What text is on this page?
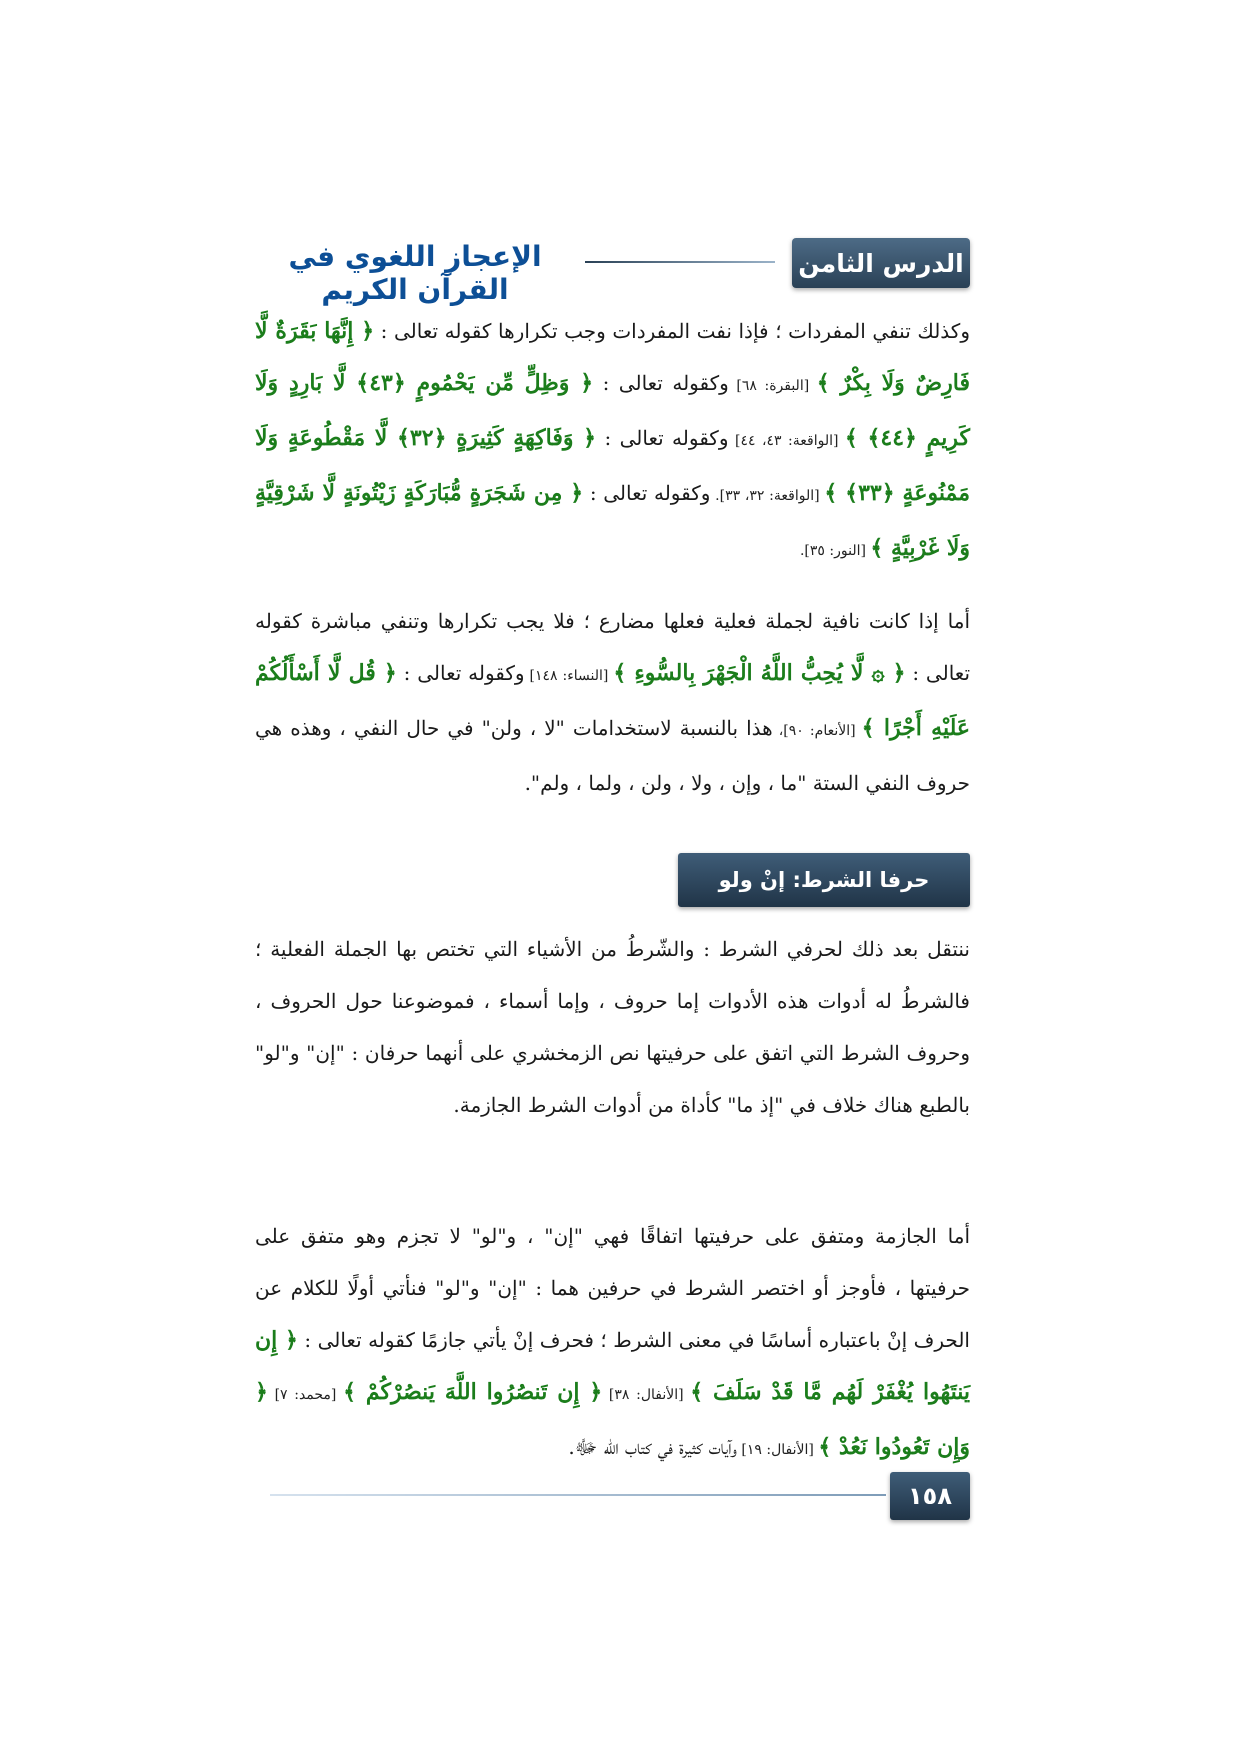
الإعجاز اللغوي في القرآن الكريم
الدرس الثامن

وكذلك تنفي المفردات ؛ فإذا نفت المفردات وجب تكرارها كقوله تعالى : ﴿ إِنَّهَا بَقَرَةٌ لَّا فَارِضٌ وَلَا بِكْرٌ ﴾ [البقرة: ٦٨] وكقوله تعالى : ﴿ وَظِلٍّ مِّن يَحْمُومٍ ﴿٤٣﴾ لَّا بَارِدٍ وَلَا كَرِيمٍ ﴿٤٤﴾ ﴾ [الواقعة: ٤٣، ٤٤] وكقوله تعالى : ﴿ وَفَاكِهَةٍ كَثِيرَةٍ ﴿٣٢﴾ لَّا مَقْطُوعَةٍ وَلَا مَمْنُوعَةٍ ﴿٣٣﴾ ﴾ [الواقعة: ٣٢، ٣٣]. وكقوله تعالى : ﴿ مِن شَجَرَةٍ مُّبَارَكَةٍ زَيْتُونَةٍ لَّا شَرْقِيَّةٍ وَلَا غَرْبِيَّةٍ ﴾ [النور: ٣٥].

أما إذا كانت نافية لجملة فعلية فعلها مضارع ؛ فلا يجب تكرارها وتنفي مباشرة كقوله تعالى : ﴿ ۞ لَّا يُحِبُّ اللَّهُ الْجَهْرَ بِالسُّوءِ ﴾ [النساء: ١٤٨] وكقوله تعالى : ﴿ قُل لَّا أَسْأَلُكُمْ عَلَيْهِ أَجْرًا ﴾ [الأنعام: ٩٠]، هذا بالنسبة لاستخدامات "لا ، ولن" في حال النفي ، وهذه هي حروف النفي الستة "ما ، وإن ، ولا ، ولن ، ولما ، ولم".

حرفا الشرط: إنْ ولو

ننتقل بعد ذلك لحرفي الشرط : والشّرطُ من الأشياء التي تختص بها الجملة الفعلية ؛ فالشرطُ له أدوات هذه الأدوات إما حروف ، وإما أسماء ، فموضوعنا حول الحروف ، وحروف الشرط التي اتفق على حرفيتها نص الزمخشري على أنهما حرفان : "إن" و"لو" بالطبع هناك خلاف في "إذ ما" كأداة من أدوات الشرط الجازمة.

أما الجازمة ومتفق على حرفيتها اتفاقًا فهي "إن" ، و"لو" لا تجزم وهو متفق على حرفيتها ، فأوجز أو اختصر الشرط في حرفين هما : "إن" و"لو" فنأتي أولًا للكلام عن الحرف إنْ باعتباره أساسًا في معنى الشرط ؛ فحرف إنْ يأتي جازمًا كقوله تعالى : ﴿ إِن يَنتَهُوا يُغْفَرْ لَهُم مَّا قَدْ سَلَفَ ﴾ [الأنفال: ٣٨] ﴿ إِن تَنصُرُوا اللَّهَ يَنصُرْكُمْ ﴾ [محمد: ٧] ﴿ وَإِن تَعُودُوا نَعُدْ ﴾ [الأنفال: ١٩] وآيات كثيرة في كتاب الله ﷻ.

١٥٨
